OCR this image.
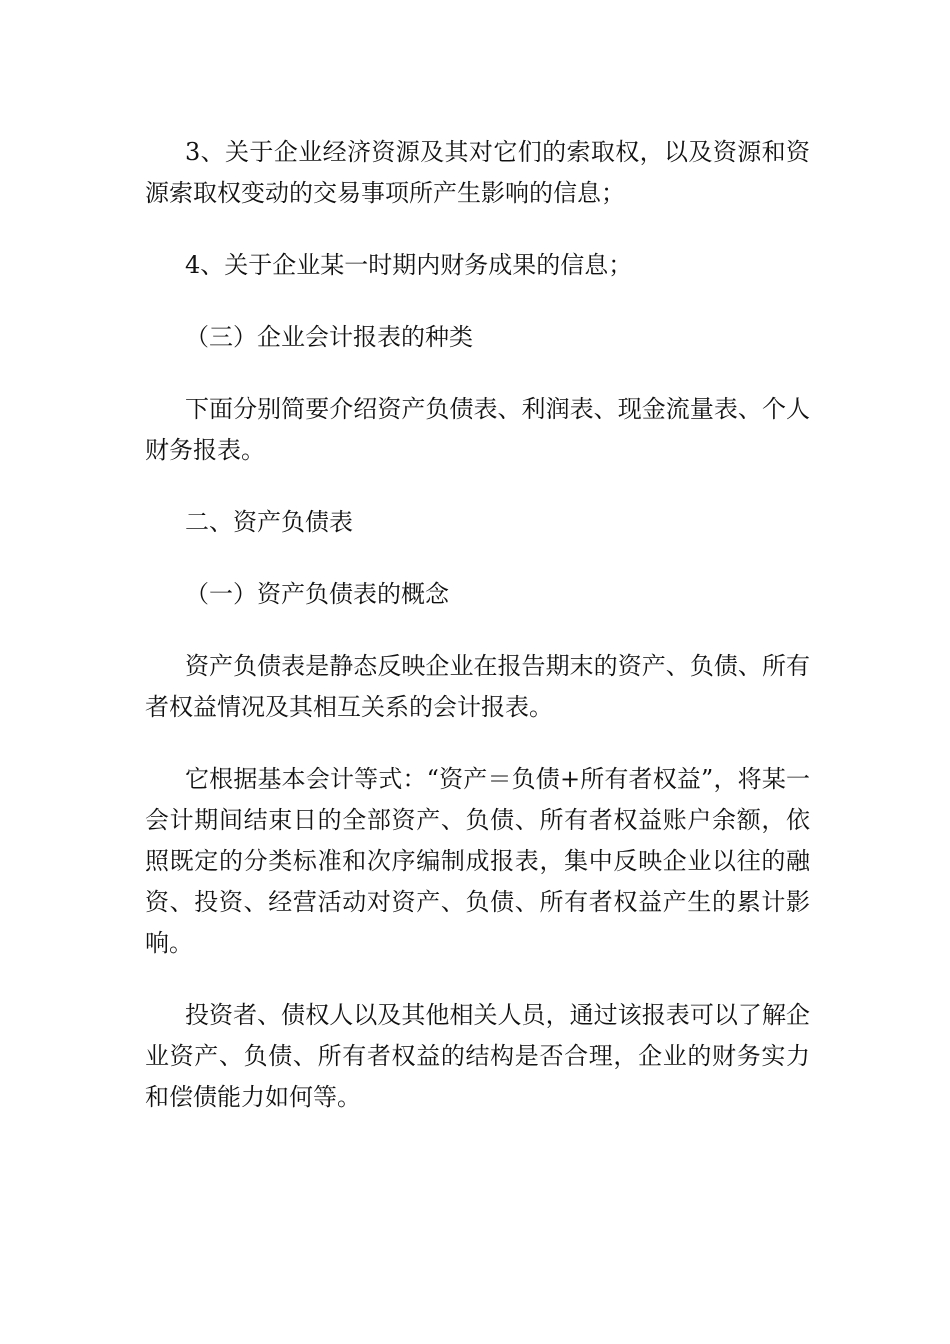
3、关于企业经济资源及其对它们的索取权，以及资源和资源索取权变动的交易事项所产生影响的信息；

4、关于企业某一时期内财务成果的信息；

（三）企业会计报表的种类

下面分别简要介绍资产负债表、利润表、现金流量表、个人财务报表。

二、资产负债表

（一）资产负债表的概念

资产负债表是静态反映企业在报告期末的资产、负债、所有者权益情况及其相互关系的会计报表。

它根据基本会计等式：“资产＝负债+所有者权益”，将某一会计期间结束日的全部资产、负债、所有者权益账户余额，依照既定的分类标准和次序编制成报表，集中反映企业以往的融资、投资、经营活动对资产、负债、所有者权益产生的累计影响。

投资者、债权人以及其他相关人员，通过该报表可以了解企业资产、负债、所有者权益的结构是否合理，企业的财务实力和偿债能力如何等。
